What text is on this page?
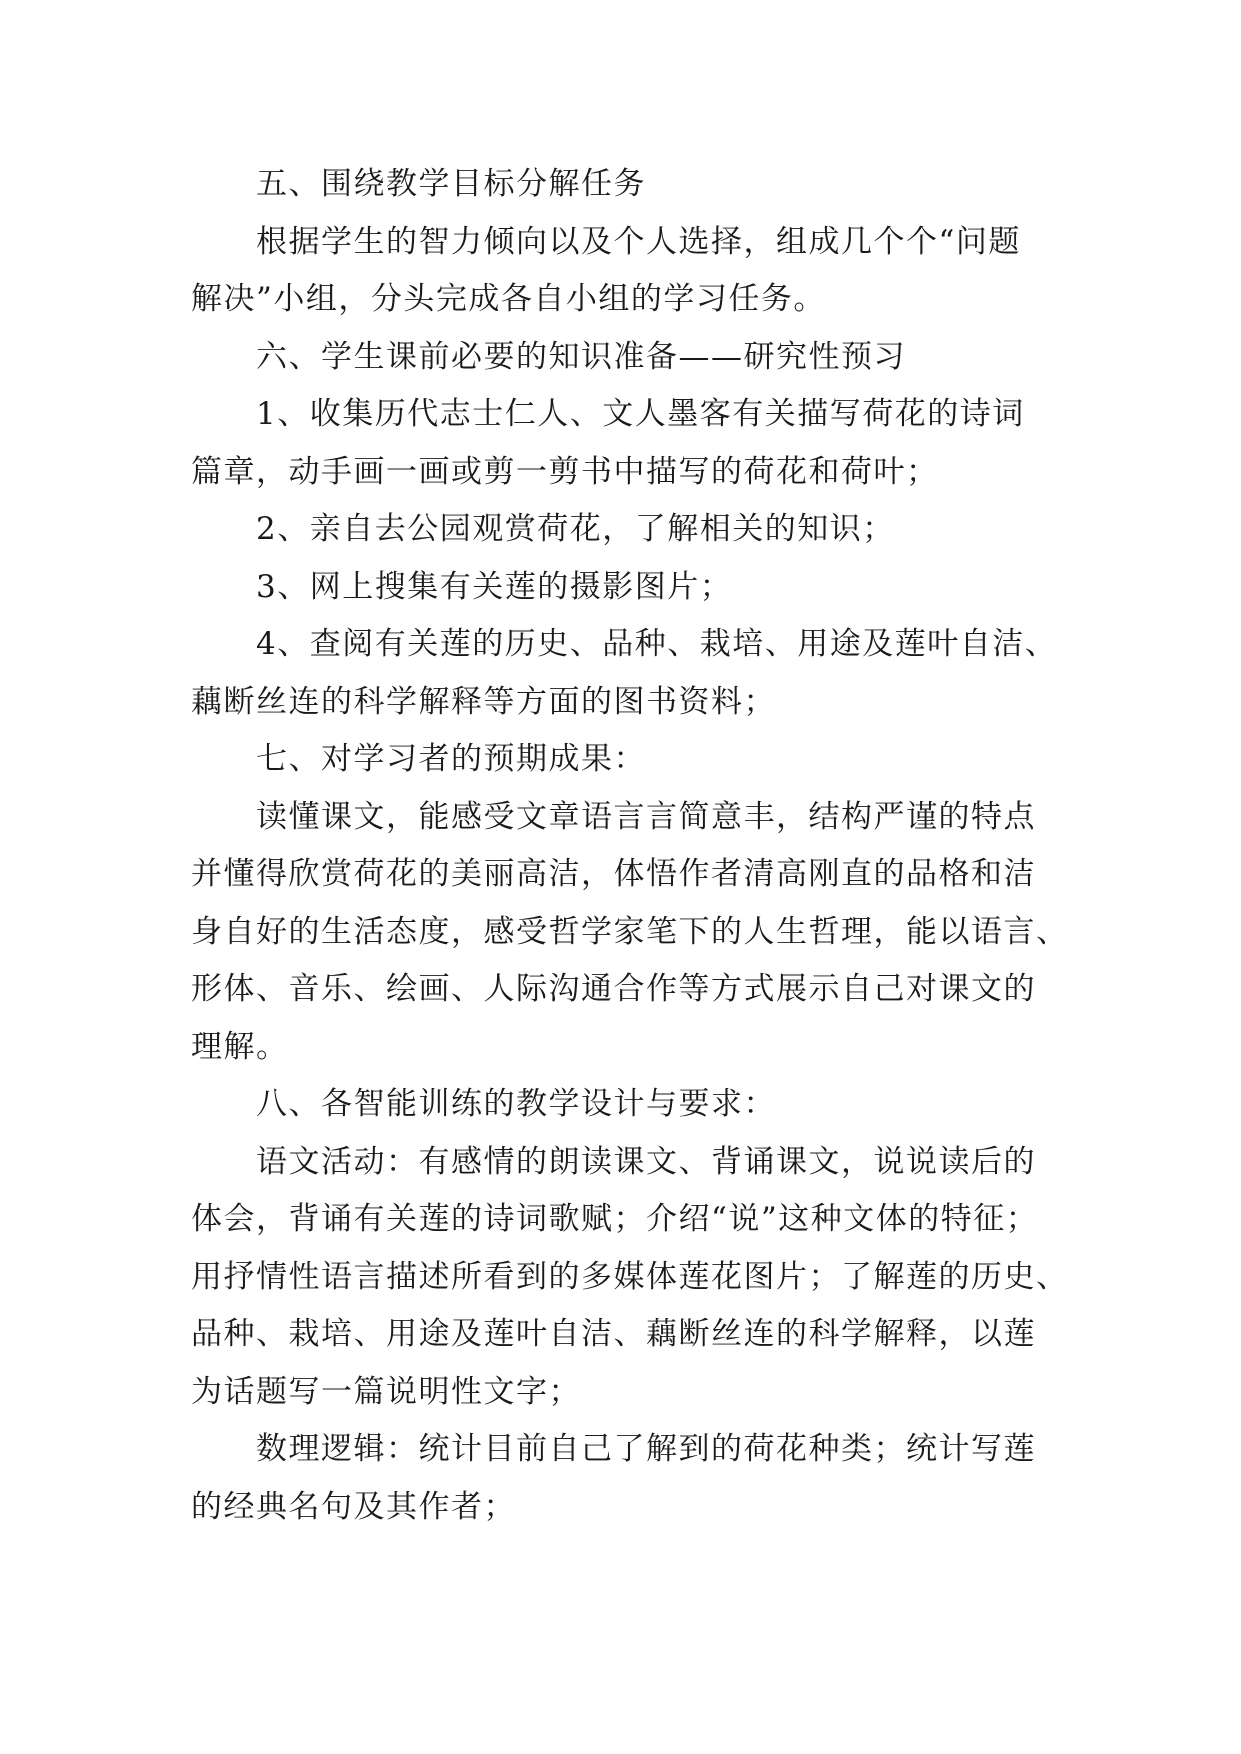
五、围绕教学目标分解任务
根据学生的智力倾向以及个人选择，组成几个个“问题
解决”小组，分头完成各自小组的学习任务。
六、学生课前必要的知识准备——研究性预习
1、收集历代志士仁人、文人墨客有关描写荷花的诗词
篇章，动手画一画或剪一剪书中描写的荷花和荷叶；
2、亲自去公园观赏荷花，了解相关的知识；
3、网上搜集有关莲的摄影图片；
4、查阅有关莲的历史、品种、栽培、用途及莲叶自洁、
藕断丝连的科学解释等方面的图书资料；
七、对学习者的预期成果：
读懂课文，能感受文章语言言简意丰，结构严谨的特点
并懂得欣赏荷花的美丽高洁，体悟作者清高刚直的品格和洁
身自好的生活态度，感受哲学家笔下的人生哲理，能以语言、
形体、音乐、绘画、人际沟通合作等方式展示自己对课文的
理解。
八、各智能训练的教学设计与要求：
语文活动：有感情的朗读课文、背诵课文，说说读后的
体会，背诵有关莲的诗词歌赋；介绍“说”这种文体的特征；
用抒情性语言描述所看到的多媒体莲花图片；了解莲的历史、
品种、栽培、用途及莲叶自洁、藕断丝连的科学解释，以莲
为话题写一篇说明性文字；
数理逻辑：统计目前自己了解到的荷花种类；统计写莲
的经典名句及其作者；
